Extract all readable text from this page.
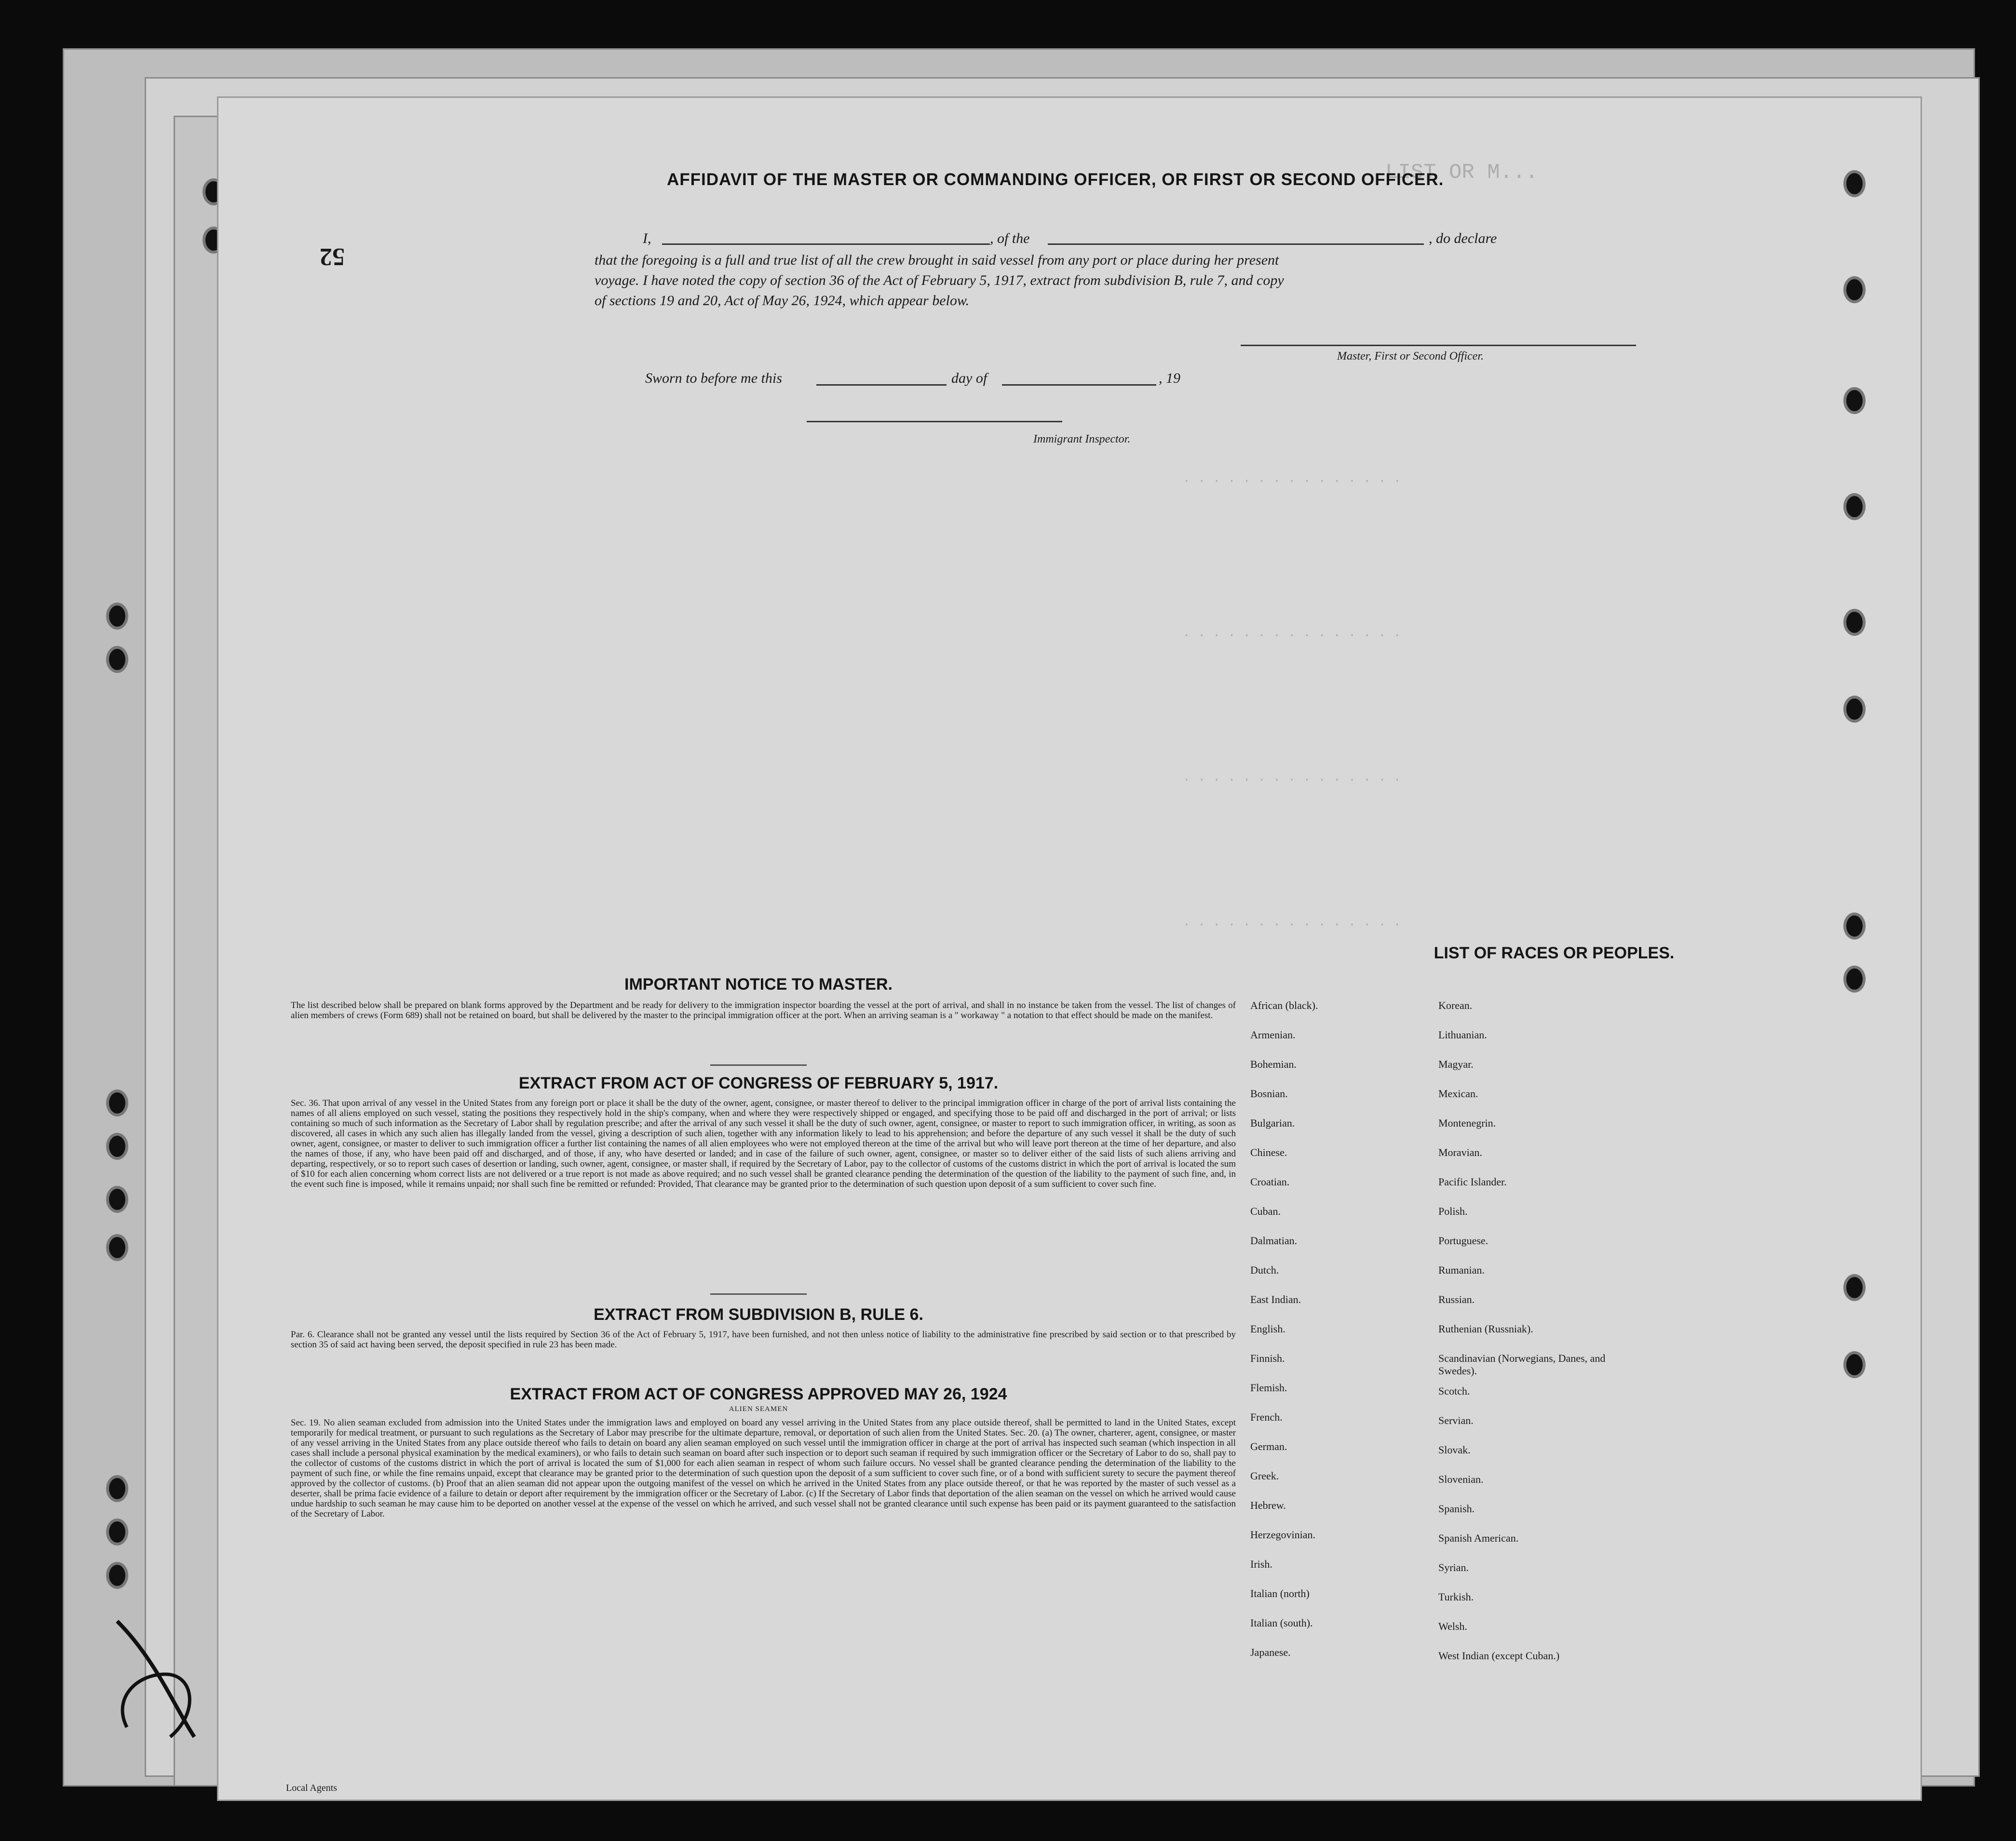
LIST OR M...
· · · · · · · · · · · · · · ·
· · · · · · · · · · · · · · ·
· · · · · · · · · · · · · · ·
· · · · · · · · · · · · · · ·
52
AFFIDAVIT OF THE MASTER OR COMMANDING OFFICER, OR FIRST OR SECOND OFFICER.
I,	, of the	, do declare
that the foregoing is a full and true list of all the crew brought in said vessel from any port or place during her present
voyage. I have noted the copy of section 36 of the Act of February 5, 1917, extract from subdivision B, rule 7, and copy
of sections 19 and 20, Act of May 26, 1924, which appear below.
Master, First or Second Officer.
Sworn to before me this	day of	, 19
Immigrant Inspector.
IMPORTANT NOTICE TO MASTER.
The list described below shall be prepared on blank forms approved by the Department and be ready for delivery to the immigration inspector boarding the vessel at the port of arrival, and shall in no instance be taken from the vessel. The list of changes of alien members of crews (Form 689) shall not be retained on board, but shall be delivered by the master to the principal immigration officer at the port. When an arriving seaman is a " workaway " a notation to that effect should be made on the manifest.
EXTRACT FROM ACT OF CONGRESS OF FEBRUARY 5, 1917.
Sec. 36. That upon arrival of any vessel in the United States from any foreign port or place it shall be the duty of the owner, agent, consignee, or master thereof to deliver to the principal immigration officer in charge of the port of arrival lists containing the names of all aliens employed on such vessel, stating the positions they respectively hold in the ship's company, when and where they were respectively shipped or engaged, and specifying those to be paid off and discharged in the port of arrival; or lists containing so much of such information as the Secretary of Labor shall by regulation prescribe; and after the arrival of any such vessel it shall be the duty of such owner, agent, consignee, or master to report to such immigration officer, in writing, as soon as discovered, all cases in which any such alien has illegally landed from the vessel, giving a description of such alien, together with any information likely to lead to his apprehension; and before the departure of any such vessel it shall be the duty of such owner, agent, consignee, or master to deliver to such immigration officer a further list containing the names of all alien employees who were not employed thereon at the time of the arrival but who will leave port thereon at the time of her departure, and also the names of those, if any, who have been paid off and discharged, and of those, if any, who have deserted or landed; and in case of the failure of such owner, agent, consignee, or master so to deliver either of the said lists of such aliens arriving and departing, respectively, or so to report such cases of desertion or landing, such owner, agent, consignee, or master shall, if required by the Secretary of Labor, pay to the collector of customs of the customs district in which the port of arrival is located the sum of $10 for each alien concerning whom correct lists are not delivered or a true report is not made as above required; and no such vessel shall be granted clearance pending the determination of the question of the liability to the payment of such fine, and, in the event such fine is imposed, while it remains unpaid; nor shall such fine be remitted or refunded: Provided, That clearance may be granted prior to the determination of such question upon deposit of a sum sufficient to cover such fine.
EXTRACT FROM SUBDIVISION B, RULE 6.
Par. 6. Clearance shall not be granted any vessel until the lists required by Section 36 of the Act of February 5, 1917, have been furnished, and not then unless notice of liability to the administrative fine prescribed by said section or to that prescribed by section 35 of said act having been served, the deposit specified in rule 23 has been made.
EXTRACT FROM ACT OF CONGRESS APPROVED MAY 26, 1924
ALIEN SEAMEN
Sec. 19. No alien seaman excluded from admission into the United States under the immigration laws and employed on board any vessel arriving in the United States from any place outside thereof, shall be permitted to land in the United States, except temporarily for medical treatment, or pursuant to such regulations as the Secretary of Labor may prescribe for the ultimate departure, removal, or deportation of such alien from the United States. Sec. 20. (a) The owner, charterer, agent, consignee, or master of any vessel arriving in the United States from any place outside thereof who fails to detain on board any alien seaman employed on such vessel until the immigration officer in charge at the port of arrival has inspected such seaman (which inspection in all cases shall include a personal physical examination by the medical examiners), or who fails to detain such seaman on board after such inspection or to deport such seaman if required by such immigration officer or the Secretary of Labor to do so, shall pay to the collector of customs of the customs district in which the port of arrival is located the sum of $1,000 for each alien seaman in respect of whom such failure occurs. No vessel shall be granted clearance pending the determination of the liability to the payment of such fine, or while the fine remains unpaid, except that clearance may be granted prior to the determination of such question upon the deposit of a sum sufficient to cover such fine, or of a bond with sufficient surety to secure the payment thereof approved by the collector of customs. (b) Proof that an alien seaman did not appear upon the outgoing manifest of the vessel on which he arrived in the United States from any place outside thereof, or that he was reported by the master of such vessel as a deserter, shall be prima facie evidence of a failure to detain or deport after requirement by the immigration officer or the Secretary of Labor. (c) If the Secretary of Labor finds that deportation of the alien seaman on the vessel on which he arrived would cause undue hardship to such seaman he may cause him to be deported on another vessel at the expense of the vessel on which he arrived, and such vessel shall not be granted clearance until such expense has been paid or its payment guaranteed to the satisfaction of the Secretary of Labor.
LIST OF RACES OR PEOPLES.
African (black).
Armenian.
Bohemian.
Bosnian.
Bulgarian.
Chinese.
Croatian.
Cuban.
Dalmatian.
Dutch.
East Indian.
English.
Finnish.
Flemish.
French.
German.
Greek.
Hebrew.
Herzegovinian.
Irish.
Italian (north)
Italian (south).
Japanese.
Korean.
Lithuanian.
Magyar.
Mexican.
Montenegrin.
Moravian.
Pacific Islander.
Polish.
Portuguese.
Rumanian.
Russian.
Ruthenian (Russniak).
Scandinavian (Norwegians, Danes, and Swedes).
Scotch.
Servian.
Slovak.
Slovenian.
Spanish.
Spanish American.
Syrian.
Turkish.
Welsh.
West Indian (except Cuban.)
Local Agents
